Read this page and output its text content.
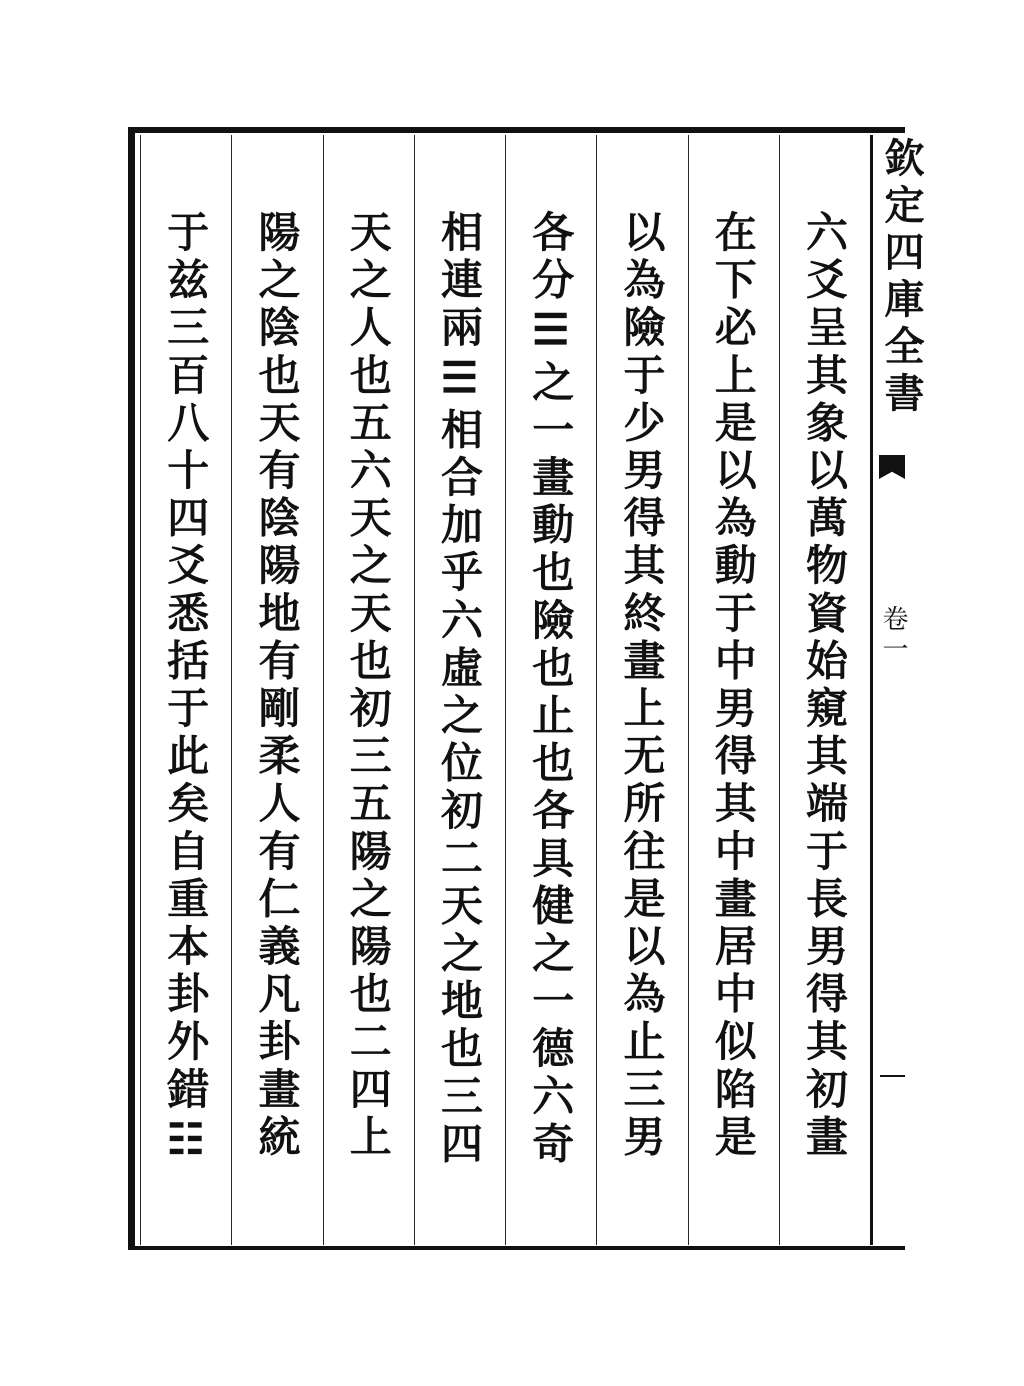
六爻呈其象以萬物資始窺其端于長男得其初畫
在下必上是以為動于中男得其中畫居中似陷是
以為險于少男得其終畫上无所往是以為止三男
各分☰之一畫動也險也止也各具健之一德六奇
相連兩☰相合加乎六虛之位初二天之地也三四
天之人也五六天之天也初三五陽之陽也二四上
陽之陰也天有陰陽地有剛柔人有仁義凡卦畫統
于兹三百八十四爻悉括于此矣自重本卦外錯☷	欽定四庫全書
卷一
